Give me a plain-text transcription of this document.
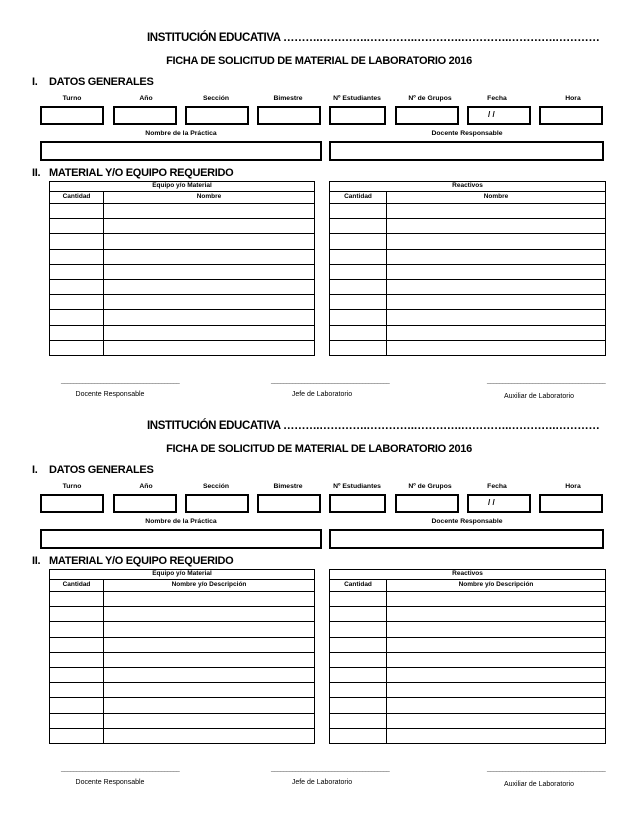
INSTITUCIÓN EDUCATIVA ……….………….………….………….………….………….…………
FICHA DE SOLICITUD DE MATERIAL DE LABORATORIO 2016
I. DATOS GENERALES
Turno	Año	Sección	Bimestre	Nº Estudiantes	Nº de Grupos	Fecha	Hora
/ /
Nombre de la Práctica	Docente Responsable
II. MATERIAL Y/O EQUIPO REQUERIDO
Equipo y/o Material	
Cantidad	Nombre

Reactivos	
Cantidad	Nombre

_______________________________________	_______________________________________	_______________________________________
Docente Responsable	Jefe de Laboratorio	Auxiliar de Laboratorio
INSTITUCIÓN EDUCATIVA ……….………….………….………….………….………….…………
FICHA DE SOLICITUD DE MATERIAL DE LABORATORIO 2016
I. DATOS GENERALES
Turno	Año	Sección	Bimestre	Nº Estudiantes	Nº de Grupos	Fecha	Hora
/ /
Nombre de la Práctica	Docente Responsable
II. MATERIAL Y/O EQUIPO REQUERIDO
Equipo y/o Material	
Cantidad	Nombre y/o Descripción

Reactivos	
Cantidad	Nombre y/o Descripción

_______________________________________	_______________________________________	_______________________________________
Docente Responsable	Jefe de Laboratorio	Auxiliar de Laboratorio
